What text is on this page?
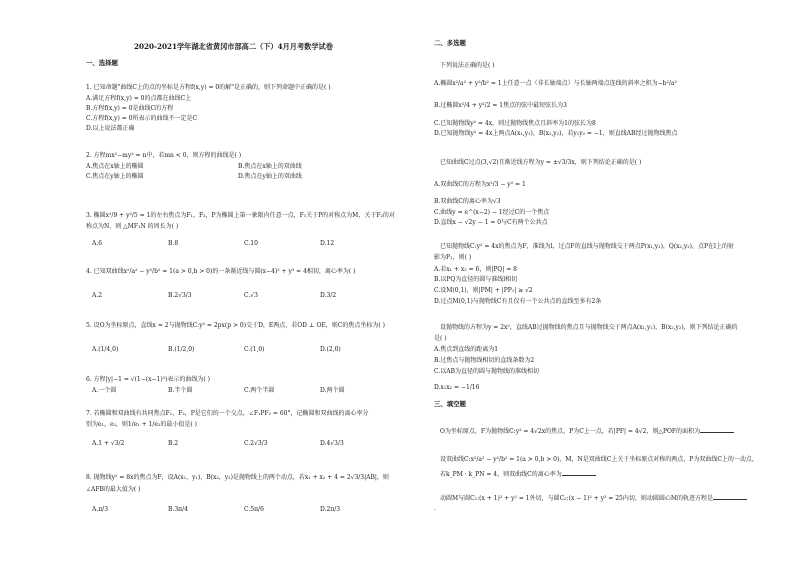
2020-2021学年湖北省黄冈市部高二（下）4月月考数学试卷
一、选择题
1. 已知命题"曲线C上的点的坐标是方程f(x,y) = 0的解"是正确的，则下列命题中正确的是( )
A.满足方程f(x,y) = 0的点都在曲线C上
B.方程f(x,y) = 0是曲线C的方程
C.方程f(x,y) = 0所表示的曲线不一定是C
D.以上说法都正确
2. 方程mx²−my² = n中，若mn < 0，则方程的曲线是( )
A.焦点在x轴上的椭圆	B.焦点在x轴上的双曲线
C.焦点在y轴上的椭圆	D.焦点在y轴上的双曲线
3. 椭圆x²/9 + y²/5 = 1的左右焦点为F₁，F₂，P为椭圆上第一象限内任意一点，F₁关于P的对称点为M，关于F₂的对
称点为N，则 △MF₁N 的周长为( )
A.6	B.8	C.10	D.12
4. 已知双曲线x²/a² − y²/b² = 1(a > 0,b > 0)的一条渐近线与圆(x−4)² + y² = 4相切，离心率为( )
A.2	B.2√3/3	C.√3	D.3/2
5. 设O为坐标原点，直线x = 2与抛物线C:y² = 2px(p > 0)交于D，E两点，若OD ⊥ OE，则C的焦点坐标为( )
A.(1/4,0)	B.(1/2,0)	C.(1,0)	D.(2,0)
6. 方程|y|−1 = √(1−(x−1)²)表示的曲线为( )
A.一个圆	B.半个圆	C.两个半圆	D.两个圆
7. 若椭圆和双曲线有共同焦点F₁，F₂，P是它们的一个交点，∠F₁PF₂ = 60°，记椭圆和双曲线的离心率分
别为e₁，e₂，则1/e₁ + 1/e₂的最小值是( )
A.1 + √3/2	B.2	C.2√3/3	D.4√3/3
8. 抛物线y² = 8x的焦点为F，设A(x₁，y₁)，B(x₂，y₂)是抛物线上的两个动点，若x₁ + x₂ + 4 = 2√3/3|AB|，则
∠AFB的最大值为( )
A.π/3	B.3π/4	C.5π/6	D.2π/3
二、多选题
下列说法正确的是( )
A.椭圆x²/a² + y²/b² = 1上任意一点（非长轴端点）与长轴两端点连线的斜率之积为−b²/a²
B.过椭圆x²/4 + y²/2 = 1焦点的弦中最短弦长为3
C.已知抛物线y² = 4x，则过抛物线焦点且斜率为1的弦长为8
D.已知抛物线y² = 4x上两点A(x₁,y₁)，B(x₂,y₂)，若y₁y₂ = −1，则直线AB经过抛物线焦点
已知曲线C过点(3,√2)且渐近线方程为y = ±√3/3x，则下列结论正确的是( )
A.双曲线C的方程为x²/3 − y² = 1
B.双曲线C的离心率为√3
C.曲线y = e^(x−2) − 1经过C的一个焦点
D.直线x − √2y − 1 = 0与C有两个公共点
已知抛物线C:y² = 4x的焦点为F，准线为l，过点F的直线与抛物线交于两点P(x₁,y₁)，Q(x₂,y₂)，点P在l上的射
影为P₁，则( )
A.若x₁ + x₂ = 6，则|PQ| = 8
B.以PQ为直径的圆与准线l相切
C.设M(0,1)，则|PM| + |PP₁| ≥ √2
D.过点M(0,1)与抛物线C有且仅有一个公共点的直线至多有2条
设抛物线的方程为y = 2x²，直线AB过抛物线的焦点且与抛物线交于两点A(x₁,y₁)，B(x₂,y₂)，则下列结论正确的
是( )
A.焦点到直线的距离为1
B.过焦点与抛物线相切的直线条数为2
C.以AB为直径的圆与抛物线的准线相切
D.x₁x₂ = −1/16
三、填空题
O为坐标原点，F为抛物线C:y² = 4√2x的焦点，P为C上一点，若|PF| = 4√2，则△POF的面积为
设双曲线C:x²/a² − y²/b² = 1(a > 0,b > 0)，M，N是双曲线C上关于坐标原点对称的两点，P为双曲线C上的一动点，
若k_PM · k_PN = 4，则双曲线C的离心率为
动圆M与圆C₁:(x + 1)² + y² = 1外切，与圆C₂:(x − 1)² + y² = 25内切，则动圆圆心M的轨迹方程是
.
